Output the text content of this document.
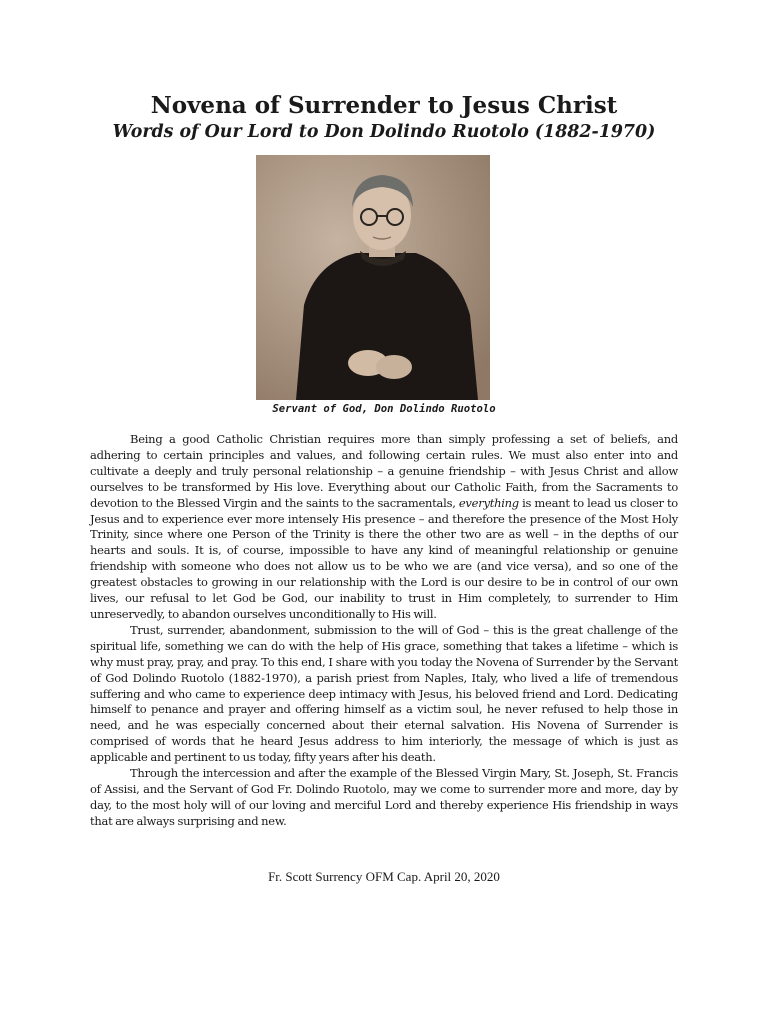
Novena of Surrender to Jesus Christ
Words of Our Lord to Don Dolindo Ruotolo (1882-1970)

Servant of God, Don Dolindo Ruotolo

Being a good Catholic Christian requires more than simply professing a set of beliefs, and adhering to certain principles and values, and following certain rules. We must also enter into and cultivate a deeply and truly personal relationship – a genuine friendship – with Jesus Christ and allow ourselves to be transformed by His love. Everything about our Catholic Faith, from the Sacraments to devotion to the Blessed Virgin and the saints to the sacramentals, everything is meant to lead us closer to Jesus and to experience ever more intensely His presence – and therefore the presence of the Most Holy Trinity, since where one Person of the Trinity is there the other two are as well – in the depths of our hearts and souls. It is, of course, impossible to have any kind of meaningful relationship or genuine friendship with someone who does not allow us to be who we are (and vice versa), and so one of the greatest obstacles to growing in our relationship with the Lord is our desire to be in control of our own lives, our refusal to let God be God, our inability to trust in Him completely, to surrender to Him unreservedly, to abandon ourselves unconditionally to His will.

Trust, surrender, abandonment, submission to the will of God – this is the great challenge of the spiritual life, something we can do with the help of His grace, something that takes a lifetime – which is why must pray, pray, and pray. To this end, I share with you today the Novena of Surrender by the Servant of God Dolindo Ruotolo (1882-1970), a parish priest from Naples, Italy, who lived a life of tremendous suffering and who came to experience deep intimacy with Jesus, his beloved friend and Lord. Dedicating himself to penance and prayer and offering himself as a victim soul, he never refused to help those in need, and he was especially concerned about their eternal salvation. His Novena of Surrender is comprised of words that he heard Jesus address to him interiorly, the message of which is just as applicable and pertinent to us today, fifty years after his death.

Through the intercession and after the example of the Blessed Virgin Mary, St. Joseph, St. Francis of Assisi, and the Servant of God Fr. Dolindo Ruotolo, may we come to surrender more and more, day by day, to the most holy will of our loving and merciful Lord and thereby experience His friendship in ways that are always surprising and new.

Fr. Scott Surrency OFM Cap. April 20, 2020
